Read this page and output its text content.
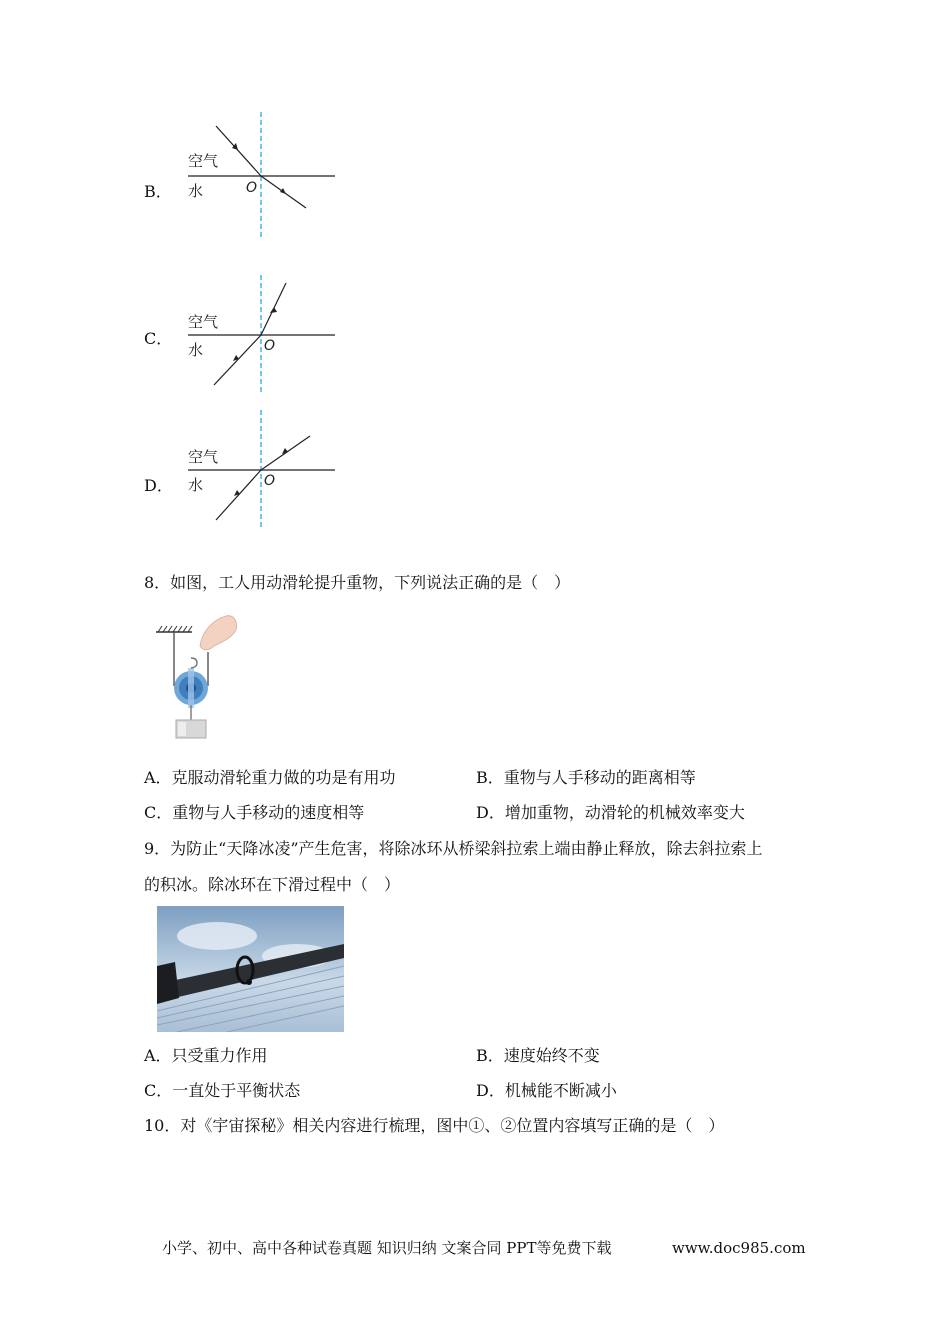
B．
空气
水	O
C．
空气
水	O
D．
空气
水	O
8．如图，工人用动滑轮提升重物，下列说法正确的是（　）
A．克服动滑轮重力做的功是有用功	B．重物与人手移动的距离相等
C．重物与人手移动的速度相等	D．增加重物，动滑轮的机械效率变大
9．为防止“天降冰凌”产生危害，将除冰环从桥梁斜拉索上端由静止释放，除去斜拉索上
的积冰。除冰环在下滑过程中（　）
A．只受重力作用	B．速度始终不变
C．一直处于平衡状态	D．机械能不断减小
10．对《宇宙探秘》相关内容进行梳理，图中①、②位置内容填写正确的是（　）
小学、初中、高中各种试卷真题 知识归纳 文案合同 PPT等免费下载	www.doc985.com
